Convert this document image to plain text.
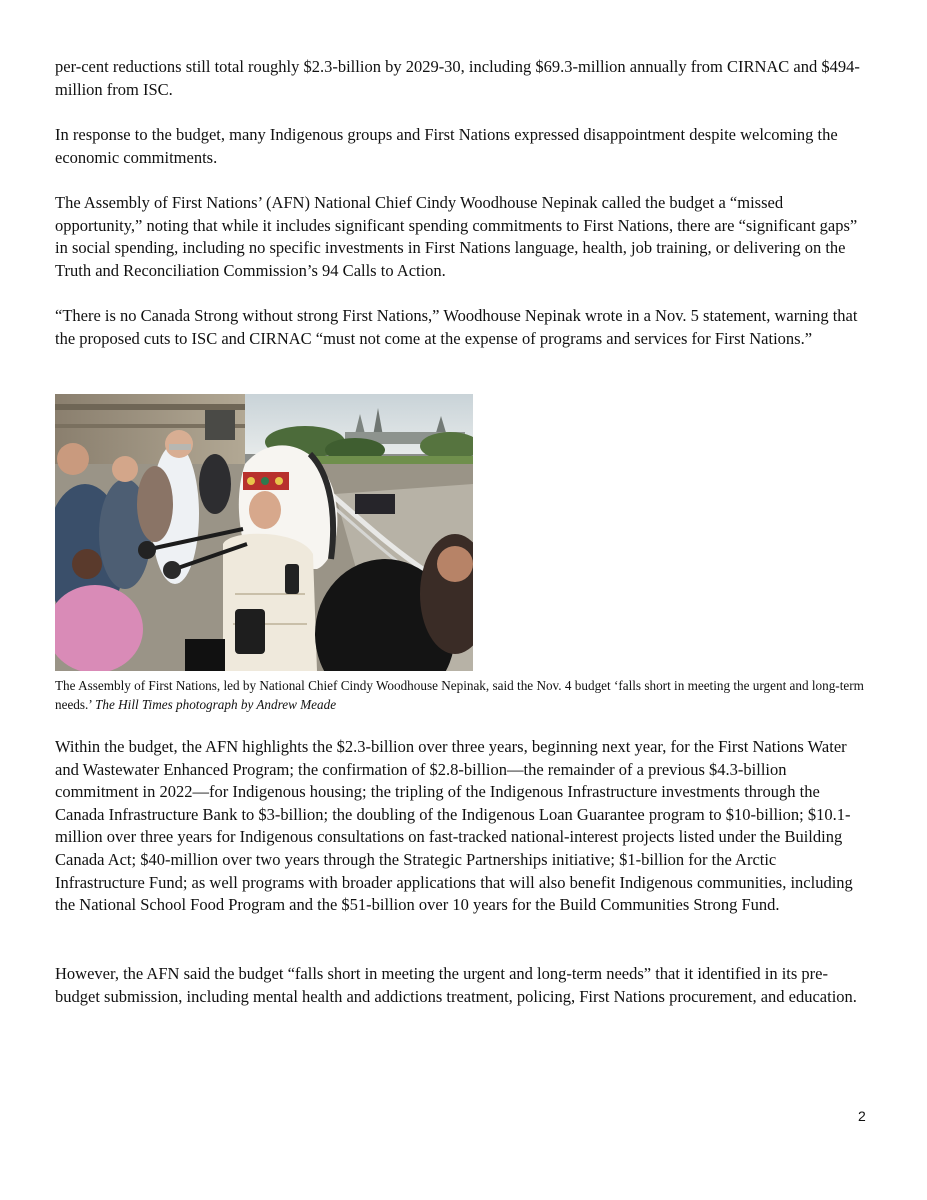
per-cent reductions still total roughly $2.3-billion by 2029-30, including $69.3-million annually from CIRNAC and $494-million from ISC.

In response to the budget, many Indigenous groups and First Nations expressed disappointment despite welcoming the economic commitments.

The Assembly of First Nations’ (AFN) National Chief Cindy Woodhouse Nepinak called the budget a “missed opportunity,” noting that while it includes significant spending commitments to First Nations, there are “significant gaps” in social spending, including no specific investments in First Nations language, health, job training, or delivering on the Truth and Reconciliation Commission’s 94 Calls to Action.

“There is no Canada Strong without strong First Nations,” Woodhouse Nepinak wrote in a Nov. 5 statement, warning that the proposed cuts to ISC and CIRNAC “must not come at the expense of programs and services for First Nations.”

The Assembly of First Nations, led by National Chief Cindy Woodhouse Nepinak, said the Nov. 4 budget ‘falls short in meeting the urgent and long-term needs.’ The Hill Times photograph by Andrew Meade

Within the budget, the AFN highlights the $2.3-billion over three years, beginning next year, for the First Nations Water and Wastewater Enhanced Program; the confirmation of $2.8-billion—the remainder of a previous $4.3-billion commitment in 2022—for Indigenous housing; the tripling of the Indigenous Infrastructure investments through the Canada Infrastructure Bank to $3-billion; the doubling of the Indigenous Loan Guarantee program to $10-billion; $10.1-million over three years for Indigenous consultations on fast-tracked national-interest projects listed under the Building Canada Act; $40-million over two years through the Strategic Partnerships initiative; $1-billion for the Arctic Infrastructure Fund; as well programs with broader applications that will also benefit Indigenous communities, including the National School Food Program and the $51-billion over 10 years for the Build Communities Strong Fund.

However, the AFN said the budget “falls short in meeting the urgent and long-term needs” that it identified in its pre-budget submission, including mental health and addictions treatment, policing, First Nations procurement, and education.

2
